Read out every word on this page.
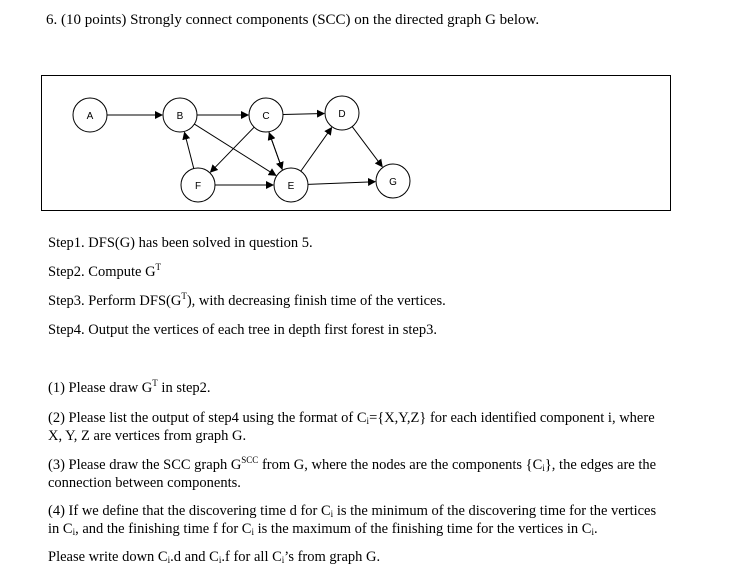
6. (10 points) Strongly connect components (SCC) on the directed graph G below.
A	B	C	D
E
F	G
Step1. DFS(G) has been solved in question 5.
Step2. Compute $G^T$
Step3. Perform $DFS(G^T)$, with decreasing finish time of the vertices.
Step4. Output the vertices of each tree in depth first forest in step3.
(1) Please draw $G^T$ in step2.
(2) Please list the output of step4 using the format of $C_i=\{X,Y,Z\}$ for each identified component i, where
X, Y, Z are vertices from graph G.
(3) Please draw the SCC graph $G^{SCC}$ from G, where the nodes are the components $\{C_i\}$, the edges are the
connection between components.
(4) If we define that the discovering time d for $C_i$ is the minimum of the discovering time for the vertices
in $C_i$, and the finishing time f for $C_i$ is the maximum of the finishing time for the vertices in $C_i$.
Please write down $C_i.d$ and $C_i.f$ for all $C_i’s$ from graph G.
